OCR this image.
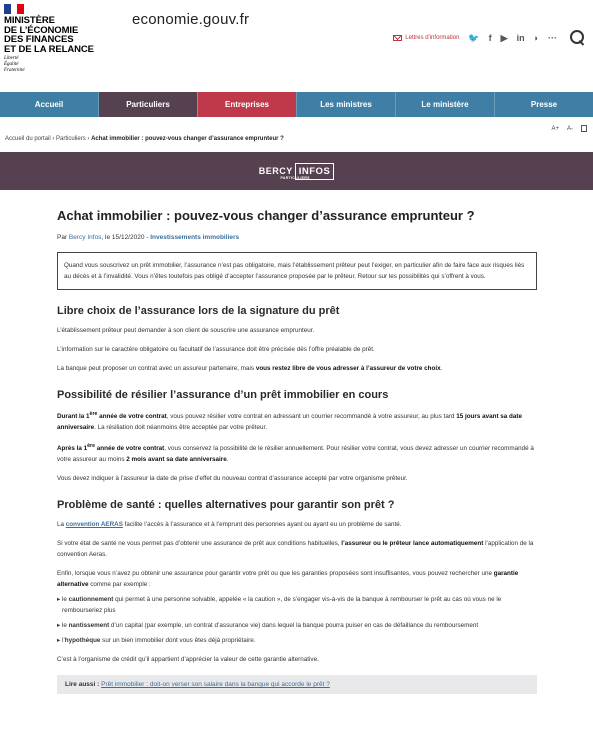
MINISTÈRE
DE L’ÉCONOMIE
DES FINANCES
ET DE LA RELANCE
Liberté
Égalité
Fraternité
economie.gouv.fr
Lettres d'information 🐦 f ▶ in ◗ ···
Accueil	Particuliers	Entreprises	Les ministres	Le ministère	Presse
Accueil du portail › Particuliers › Achat immobilier : pouvez-vous changer d’assurance emprunteur ?
A+ A-
BERCY INFOS
PARTICULIERS
Achat immobilier : pouvez-vous changer d’assurance emprunteur ?
Par Bercy Infos, le 15/12/2020 - Investissements immobiliers
Quand vous souscrivez un prêt immobilier, l’assurance n’est pas obligatoire, mais l’établissement prêteur peut l’exiger, en particulier afin de faire face aux risques liés au décès et à l’invalidité. Vous n’êtes toutefois pas obligé d’accepter l’assurance proposée par le prêteur. Retour sur les possibilités qui s’offrent à vous.
Libre choix de l’assurance lors de la signature du prêt

L’établissement prêteur peut demander à son client de souscrire une assurance emprunteur.

L’information sur le caractère obligatoire ou facultatif de l’assurance doit être précisée dès l’offre préalable de prêt.

La banque peut proposer un contrat avec un assureur partenaire, mais vous restez libre de vous adresser à l’assureur de votre choix.

Possibilité de résilier l’assurance d’un prêt immobilier en cours

Durant la 1ère année de votre contrat, vous pouvez résilier votre contrat en adressant un courrier recommandé à votre assureur, au plus tard 15 jours avant sa date anniversaire. La résiliation doit néanmoins être acceptée par votre prêteur.

Après la 1ère année de votre contrat, vous conservez la possibilité de le résilier annuellement. Pour résilier votre contrat, vous devez adresser un courrier recommandé à votre assureur au moins 2 mois avant sa date anniversaire.

Vous devez indiquer à l’assureur la date de prise d’effet du nouveau contrat d’assurance accepté par votre organisme prêteur.

Problème de santé : quelles alternatives pour garantir son prêt ?

La convention AERAS facilite l’accès à l’assurance et à l’emprunt des personnes ayant ou ayant eu un problème de santé.

Si votre état de santé ne vous permet pas d’obtenir une assurance de prêt aux conditions habituelles, l’assureur ou le prêteur lance automatiquement l’application de la convention Aeras.

Enfin, lorsque vous n’avez pu obtenir une assurance pour garantir votre prêt ou que les garanties proposées sont insuffisantes, vous pouvez rechercher une garantie alternative comme par exemple :

▸ le cautionnement qui permet à une personne solvable, appelée « la caution », de s’engager vis-à-vis de la banque à rembourser le prêt au cas où vous ne le rembourseriez plus
▸ le nantissement d’un capital (par exemple, un contrat d’assurance vie) dans lequel la banque pourra puiser en cas de défaillance du remboursement
▸ l’hypothèque sur un bien immobilier dont vous êtes déjà propriétaire.

C’est à l’organisme de crédit qu’il appartient d’apprécier la valeur de cette garantie alternative.

Lire aussi : Prêt immobilier : doit-on verser son salaire dans la banque qui accorde le prêt ?
